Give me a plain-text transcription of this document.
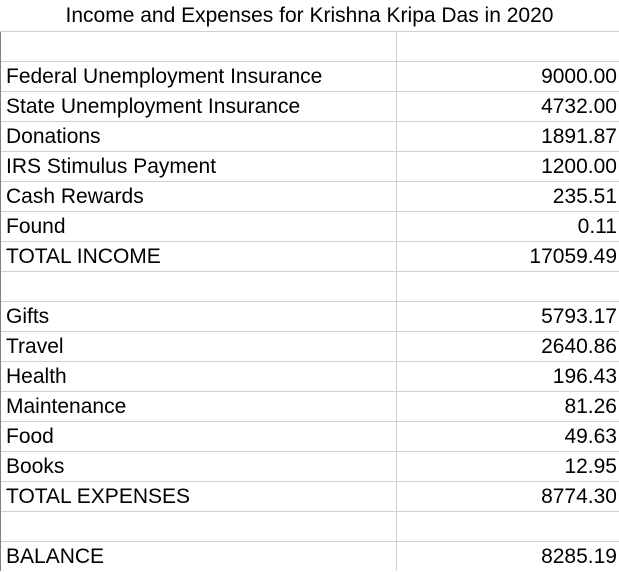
Income and Expenses for Krishna Kripa Das in 2020
Federal Unemployment Insurance	9000.00
State Unemployment Insurance	4732.00
Donations	1891.87
IRS Stimulus Payment	1200.00
Cash Rewards	235.51
Found	0.11
TOTAL INCOME	17059.49
Gifts	5793.17
Travel	2640.86
Health	196.43
Maintenance	81.26
Food	49.63
Books	12.95
TOTAL EXPENSES	8774.30
BALANCE	8285.19
